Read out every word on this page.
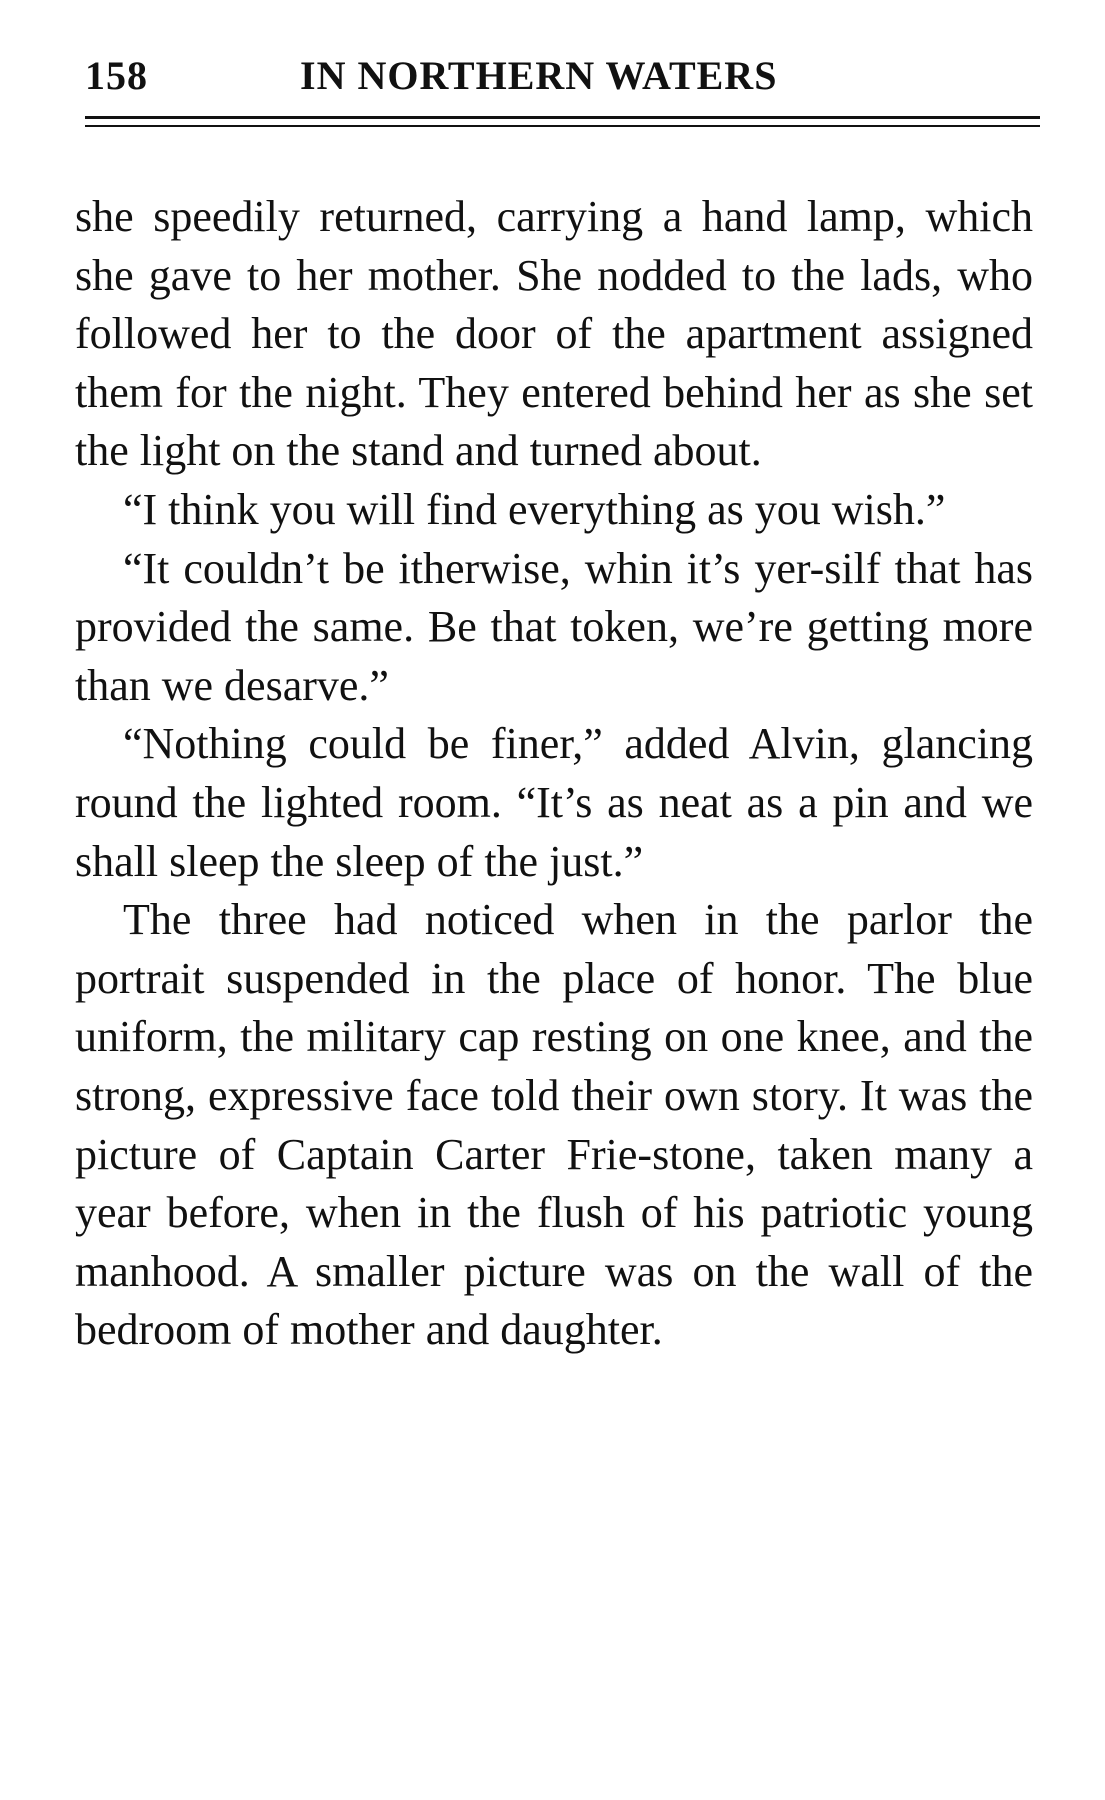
158	IN NORTHERN WATERS

she speedily returned, carrying a hand lamp, which she gave to her mother. She nodded to the lads, who followed her to the door of the apartment assigned them for the night. They entered behind her as she set the light on the stand and turned about.

“I think you will find everything as you wish.”

“It couldn’t be itherwise, whin it’s yer-silf that has provided the same. Be that token, we’re getting more than we desarve.”

“Nothing could be finer,” added Alvin, glancing round the lighted room. “It’s as neat as a pin and we shall sleep the sleep of the just.”

The three had noticed when in the parlor the portrait suspended in the place of honor. The blue uniform, the military cap resting on one knee, and the strong, expressive face told their own story. It was the picture of Captain Carter Frie-stone, taken many a year before, when in the flush of his patriotic young manhood. A smaller picture was on the wall of the bedroom of mother and daughter.
